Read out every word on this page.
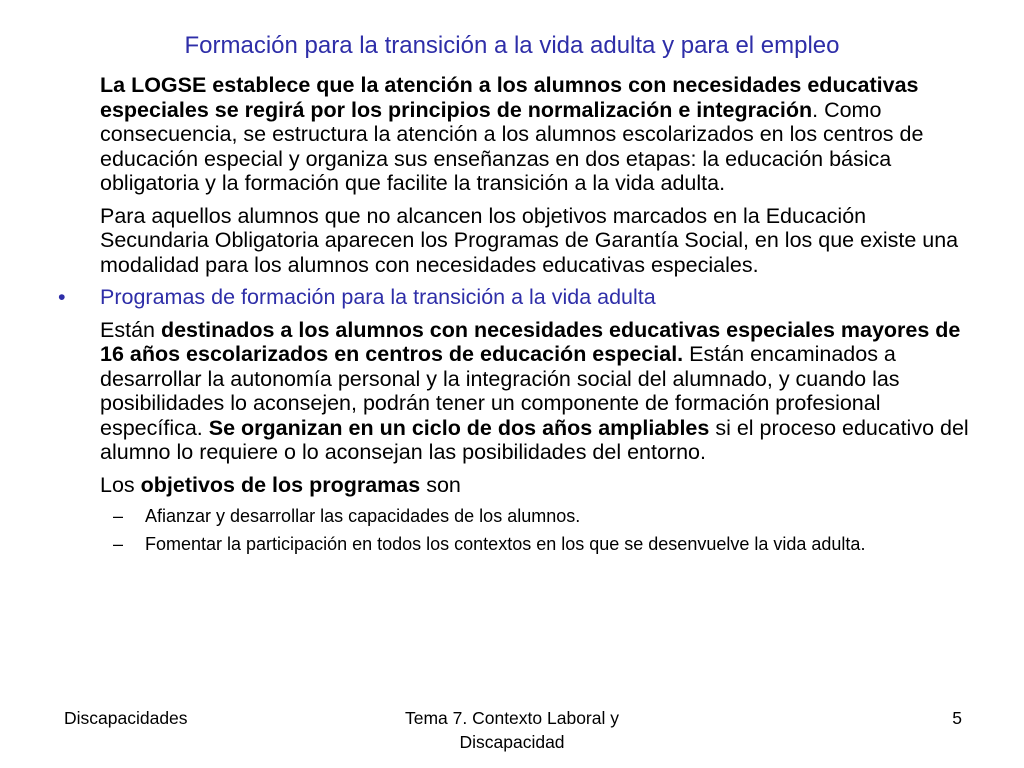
Formación para la transición a la vida adulta y para el empleo

La LOGSE establece que la atención a los alumnos con necesidades educativas especiales se regirá por los principios de normalización e integración. Como consecuencia, se estructura la atención a los alumnos escolarizados en los centros de educación especial y organiza sus enseñanzas en dos etapas: la educación básica obligatoria y la formación que facilite la transición a la vida adulta.

Para aquellos alumnos que no alcancen los objetivos marcados en la Educación Secundaria Obligatoria aparecen los Programas de Garantía Social, en los que existe una modalidad para los alumnos con necesidades educativas especiales.

• Programas de formación para la transición a la vida adulta

Están destinados a los alumnos con necesidades educativas especiales mayores de 16 años escolarizados en centros de educación especial. Están encaminados a desarrollar la autonomía personal y la integración social del alumnado, y cuando las posibilidades lo aconsejen, podrán tener un componente de formación profesional específica. Se organizan en un ciclo de dos años ampliables si el proceso educativo del alumno lo requiere o lo aconsejan las posibilidades del entorno.

Los objetivos de los programas son

– Afianzar y desarrollar las capacidades de los alumnos.
– Fomentar la participación en todos los contextos en los que se desenvuelve la vida adulta.
Discapacidades	Tema 7. Contexto Laboral y
Discapacidad
5
